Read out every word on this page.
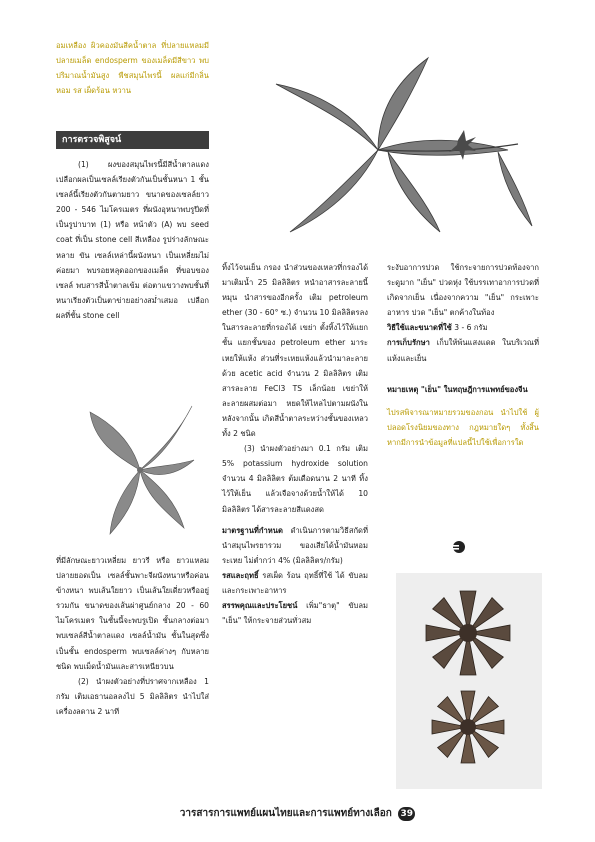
อมเหลือง ผิวคองมันสีคน้ำตาล ที่ปลายแหลมมีปลายเมล็ด endosperm ของเมล็ดมีสีขาว พบปริมาณน้ำมันสูง พืชสมุนไพรนี้ ผลแก่มีกลิ่นหอม รส เผ็ดร้อน หวาน

การตรวจพิสูจน์

(1) ผงของสมุนไพรนี้มีสีน้ำตาลแดง เปลือกผลเป็นเซลล์เรียงตัวกันเป็นชั้นหนา 1 ชั้น เซลล์นี้เรียงตัวกันตามยาว ขนาดของเซลล์ยาว 200 - 546 ไมโครเมตร ที่ผนังอุหนาพบรูปีดที่เป็นรูปาบาท (1) หรือ หน้าตัว (A) พบ seed coat ที่เป็น stone cell สีเหลือง รูปร่างลักษณะหลาย ขัน เซลล์เหล่านี้ผนังหนา เป็นเหลี่ยมไม่ค่อยมา พบรอยหลุดออกของเมล็ด ที่ขอบของเซลล์ พบสารสีน้ำตาลเข้ม ต่อตาแขวางพบชั้นที่หนาเรียงตัวเป็นตาข่ายอย่างสม่ำเสมอ เปลือกผลที่ชั้น stone cell

ที่มีลักษณะยาวเหลี่ยม ยาวรี หรือ ยาวแหลมปลายยอดเป็น เซลล์ชั้นพาะจีผนังหนาหรือค่อนข้างหนา พบเส้นใยยาว เป็นเส้นใยเดี่ยวหรืออยู่รวมกัน ขนาดของเส้นผ่าศูนย์กลาง 20 - 60 ไมโครเมตร ในชั้นนี้จะพบรูเปิด ชั้นกลางต่อมาพบเซลล์สีน้ำตาลแดง เซลล์น้ำมัน ชั้นในสุดซึ่งเป็นชั้น endosperm พบเซลล์ค่างๆ กับหลายชนิด พบเม็ดน้ำมันและสารเหนียวบน

(2) นำผงตัวอย่างที่ปราศจากเหลือง 1 กรัม เติมเอธานอลลงไป 5 มิลลิลิตร นำไปใส่เครื่องลดาน 2 นาที

ทิ้งไว้จนเย็น กรอง นำส่วนของเหลวที่กรองได้ มาเติมน้ำ 25 มิลลิลิตร หนำอาสารละลายนี้หมุน นำสารของอีกครั้ง เติม petroleum ether (30 - 60° ซ.) จำนวน 10 มิลลิลิตรลงในสารละลายที่กรองได้ เขย่า ตั้งทิ้งไว้ให้แยกชั้น แยกชั้นของ petroleum ether มาระเหยให้แห้ง ส่วนที่ระเหยแห้งแล้วนำมาละลายด้วย acetic acid จำนวน 2 มิลลิลิตร เติมสารละลาย FeCl3 TS เล็กน้อย เขย่าให้ละลายผสมต่อมา หยดให้ไหลไปตามผนังในหลังจากนั้น เกิดสีน้ำตาลระหว่างชั้นของเหลวทั้ง 2 ชนิด

(3) นำผงตัวอย่างมา 0.1 กรัม เติม 5% potassium hydroxide solution จำนวน 4 มิลลิลิตร ต้มเดือดนาน 2 นาที ทิ้งไว้ให้เย็น แล้วเจือจางด้วยน้ำให้ได้ 10 มิลลิลิตร ได้สารละลายสีแดงสด

มาตรฐานที่กำหนด ดำเนินการตามวิธีสกัดที่นำสมุนไพรยารวม ของเสียได้น้ำมันหอมระเหย ไม่ต่ำกว่า 4% (มิลลิลิตร/กรัม)

รสและฤทธิ์ รสเผ็ด ร้อน ฤทธิ์ที่ใช้ ได้ ขับลมและกระเพาะอาหาร

สรรพคุณและประโยชน์ เพิ่ม"ธาตุ" ขับลม "เย็น" ให้กระจายส่วนทั่วสม

ระงับอาการปวด ใช้กระจายการปวดท้องจากระดูมาก "เย็น" ปวดหุ่ง ใช้บรรเทาอาการปวดที่เกิดจากเย็น เนื่องจากความ "เย็น" กระเพาะอาหาร ปวด "เย็น" ตกค้างในท้อง

วิธีใช้และขนาดที่ใช้ 3 - 6 กรัม

การเก็บรักษา เก็บให้พ้นแสงแดด ในบริเวณที่แห้งและเย็น

หมายเหตุ "เย็น" ในทฤษฎีการแพทย์ของจีน

ไปรสพิจารณาหมายรวมของกอน นำไปใช้ ผู้ปลอดโรงนิยมของทาง กฎหมายใดๆ ทั้งสิ้น หากมีการนำข้อมูลที่แปลนี้ไปใช้เพื่อการใด

วารสารการแพทย์แผนไทยและการแพทย์ทางเลือก 39
